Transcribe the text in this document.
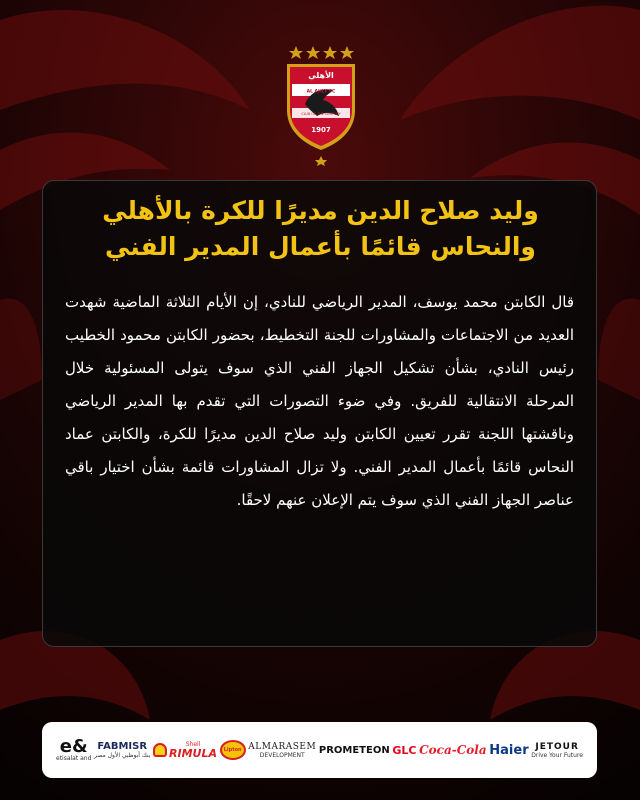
الأهلي
AL AHLY SC
CLUB OF THE CENTURY
1907
وليد صلاح الدين مديرًا للكرة بالأهلي
والنحاس قائمًا بأعمال المدير الفني
قال الكابتن محمد يوسف، المدير الرياضي للنادي، إن الأيام الثلاثة الماضية شهدت العديد من الاجتماعات والمشاورات للجنة التخطيط، بحضور الكابتن محمود الخطيب رئيس النادي، بشأن تشكيل الجهاز الفني الذي سوف يتولى المسئولية خلال المرحلة الانتقالية للفريق. وفي ضوء التصورات التي تقدم بها المدير الرياضي وناقشتها اللجنة تقرر تعيين الكابتن وليد صلاح الدين مديرًا للكرة، والكابتن عماد النحاس قائمًا بأعمال المدير الفني. ولا تزال المشاورات قائمة بشأن اختيار باقي عناصر الجهاز الفني الذي سوف يتم الإعلان عنهم لاحقًا.
e&
etisalat and
FABMISR
بنك أبوظبي الأول مصر
Shell
RIMULA Lipton ALMARASEM
DEVELOPMENT PROMETEON GLC Coca-Cola Haier JETOUR
Drive Your Future
